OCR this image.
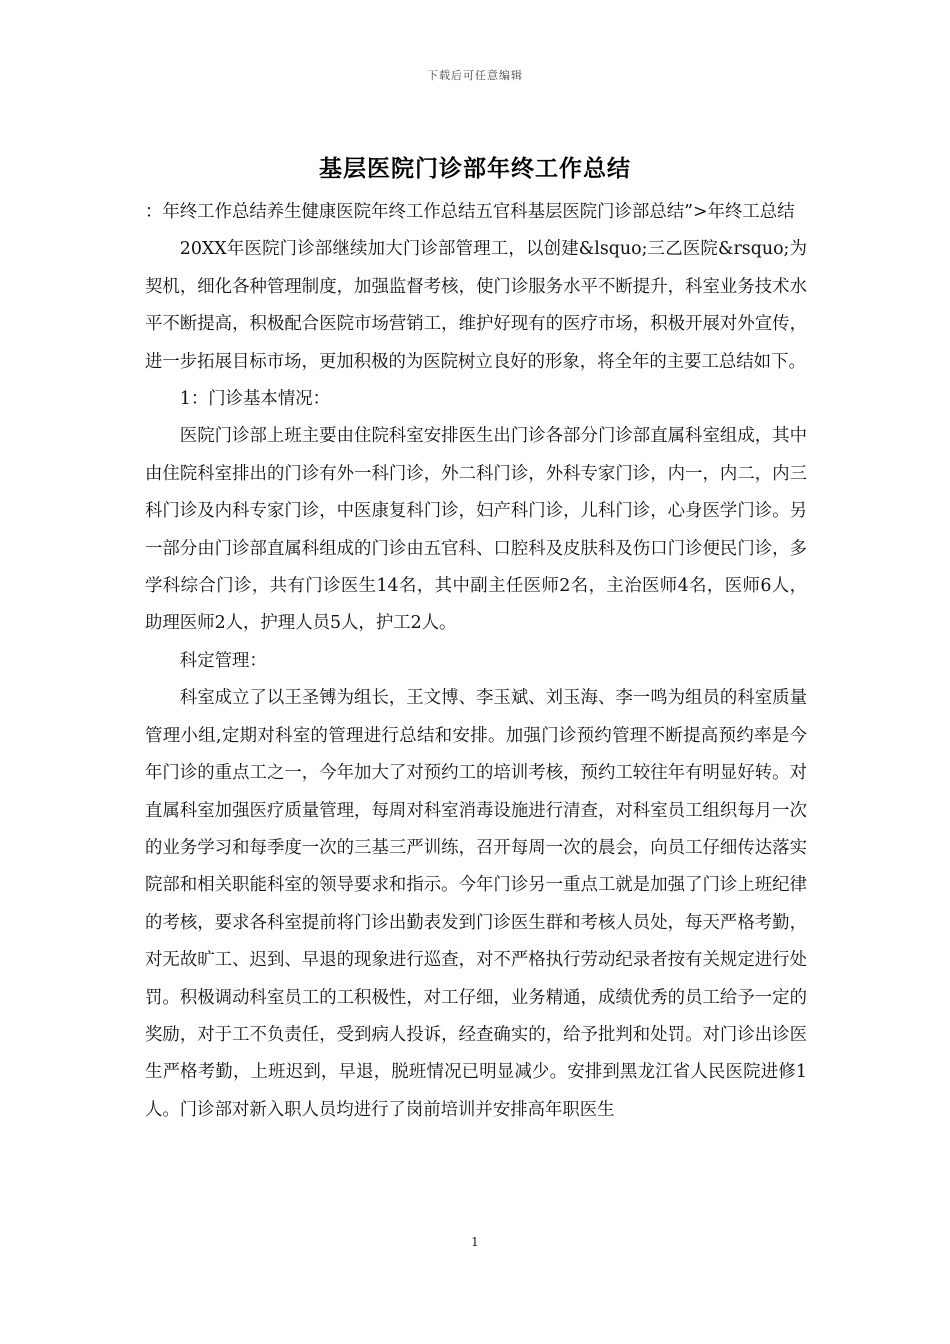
下载后可任意编辑
基层医院门诊部年终工作总结

：年终工作总结养生健康医院年终工作总结五官科基层医院门诊部总结”>年终工总结

20XX年医院门诊部继续加大门诊部管理工，以创建&lsquo;三乙医院&rsquo;为契机，细化各种管理制度，加强监督考核，使门诊服务水平不断提升，科室业务技术水平不断提高，积极配合医院市场营销工，维护好现有的医疗市场，积极开展对外宣传，进一步拓展目标市场，更加积极的为医院树立良好的形象，将全年的主要工总结如下。

1：门诊基本情况：

医院门诊部上班主要由住院科室安排医生出门诊各部分门诊部直属科室组成，其中由住院科室排出的门诊有外一科门诊，外二科门诊，外科专家门诊，内一，内二，内三科门诊及内科专家门诊，中医康复科门诊，妇产科门诊，儿科门诊，心身医学门诊。另一部分由门诊部直属科组成的门诊由五官科、口腔科及皮肤科及伤口门诊便民门诊，多学科综合门诊，共有门诊医生14名，其中副主任医师2名，主治医师4名，医师6人，助理医师2人，护理人员5人，护工2人。

科定管理：

科室成立了以王圣镈为组长，王文博、李玉斌、刘玉海、李一鸣为组员的科室质量管理小组,定期对科室的管理进行总结和安排。加强门诊预约管理不断提高预约率是今年门诊的重点工之一，今年加大了对预约工的培训考核，预约工较往年有明显好转。对直属科室加强医疗质量管理，每周对科室消毒设施进行清查，对科室员工组织每月一次的业务学习和每季度一次的三基三严训练，召开每周一次的晨会，向员工仔细传达落实院部和相关职能科室的领导要求和指示。今年门诊另一重点工就是加强了门诊上班纪律的考核，要求各科室提前将门诊出勤表发到门诊医生群和考核人员处，每天严格考勤，对无故旷工、迟到、早退的现象进行巡查，对不严格执行劳动纪录者按有关规定进行处罚。积极调动科室员工的工积极性，对工仔细，业务精通，成绩优秀的员工给予一定的奖励，对于工不负责任，受到病人投诉，经查确实的，给予批判和处罚。对门诊出诊医生严格考勤，上班迟到，早退，脱班情况已明显减少。安排到黑龙江省人民医院进修1人。门诊部对新入职人员均进行了岗前培训并安排高年职医生

1
